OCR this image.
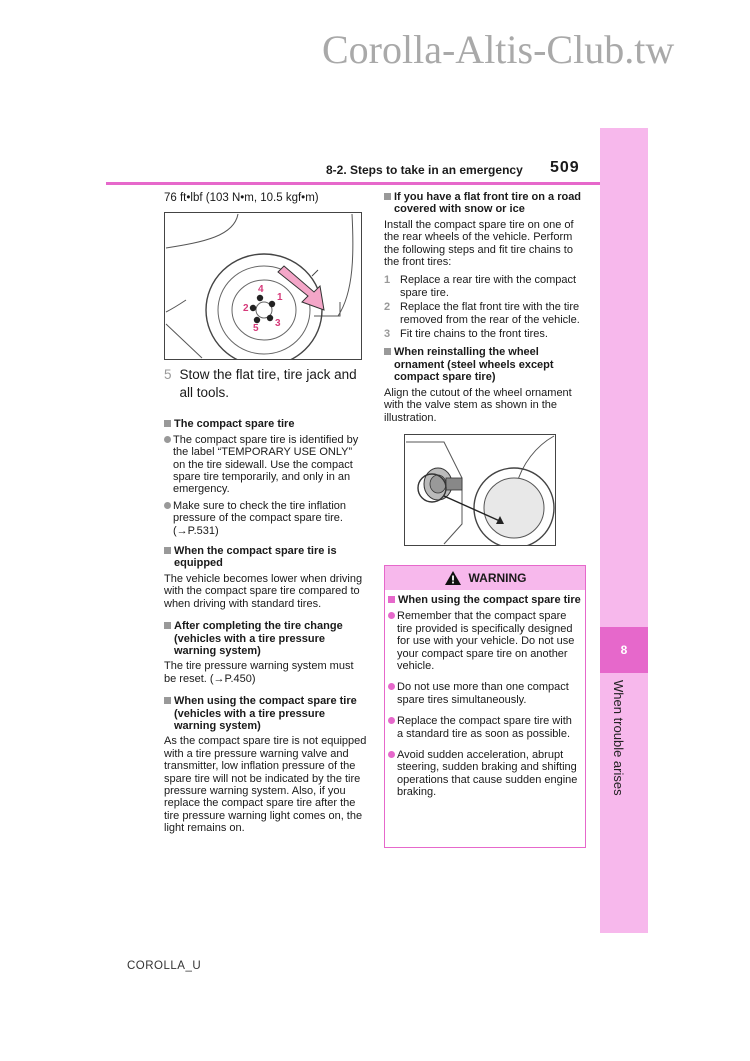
Corolla-Altis-Club.tw
8
When trouble arises
8-2. Steps to take in an emergency 509
76 ft•lbf (103 N•m, 10.5 kgf•m)
4
1
2
3
5
5 Stow the flat tire, tire jack and all tools.
The compact spare tire
The compact spare tire is identified by the label “TEMPORARY USE ONLY” on the tire sidewall. Use the compact spare tire temporarily, and only in an emergency.
Make sure to check the tire inflation pressure of the compact spare tire. (→P.531)
When the compact spare tire is equipped
The vehicle becomes lower when driving with the compact spare tire compared to when driving with standard tires.
After completing the tire change (vehicles with a tire pressure warning system)
The tire pressure warning system must be reset. (→P.450)
When using the compact spare tire (vehicles with a tire pressure warning system)
As the compact spare tire is not equipped with a tire pressure warning valve and transmitter, low inflation pressure of the spare tire will not be indicated by the tire pressure warning system. Also, if you replace the compact spare tire after the tire pressure warning light comes on, the light remains on.
If you have a flat front tire on a road covered with snow or ice
Install the compact spare tire on one of the rear wheels of the vehicle. Perform the following steps and fit tire chains to the front tires:
1 Replace a rear tire with the compact spare tire.
2 Replace the flat front tire with the tire removed from the rear of the vehicle.
3 Fit tire chains to the front tires.
When reinstalling the wheel ornament (steel wheels except compact spare tire)
Align the cutout of the wheel ornament with the valve stem as shown in the illustration.
WARNING
When using the compact spare tire
Remember that the compact spare tire provided is specifically designed for use with your vehicle. Do not use your compact spare tire on another vehicle.
Do not use more than one compact spare tires simultaneously.
Replace the compact spare tire with a standard tire as soon as possible.
Avoid sudden acceleration, abrupt steering, sudden braking and shifting operations that cause sudden engine braking.
COROLLA_U
